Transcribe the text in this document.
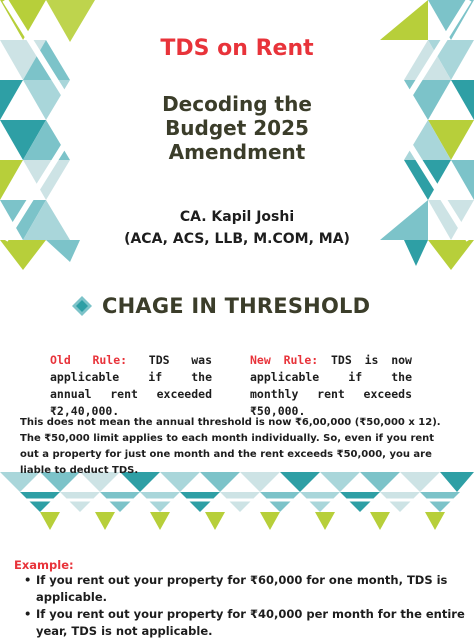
TDS on Rent
Decoding the
Budget 2025
Amendment
CA. Kapil Joshi
(ACA, ACS, LLB, M.COM, MA)
CHAGE IN THRESHOLD
Old Rule: TDS was applicable if the annual rent exceeded ₹2,40,000.
New Rule: TDS is now applicable if the monthly rent exceeds ₹50,000.
This does not mean the annual threshold is now ₹6,00,000 (₹50,000 x 12). The ₹50,000 limit applies to each month individually. So, even if you rent out a property for just one month and the rent exceeds ₹50,000, you are liable to deduct TDS.
Example:
• If you rent out your property for ₹60,000 for one month, TDS is applicable.
• If you rent out your property for ₹40,000 per month for the entire year, TDS is not applicable.
